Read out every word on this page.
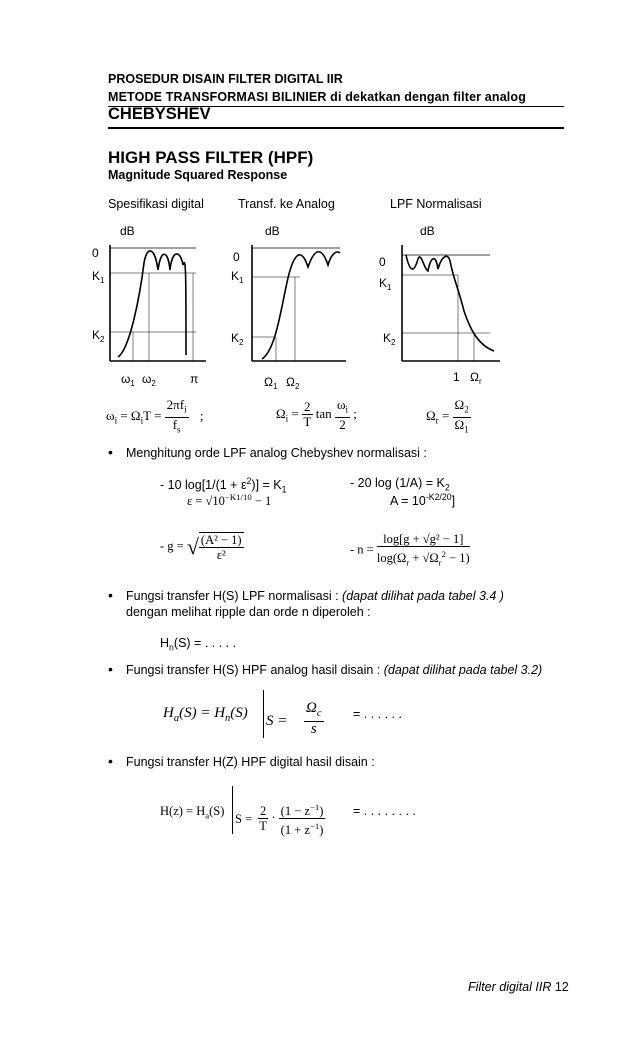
PROSEDUR DISAIN FILTER DIGITAL IIR
METODE TRANSFORMASI BILINIER di dekatkan dengan filter analog
CHEBYSHEV
HIGH PASS FILTER (HPF)
Magnitude Squared Response
Spesifikasi digital	Transf. ke Analog	LPF Normalisasi
dB
0
$K_1$
$K_2$
$\omega_1$ $\omega_2$	π
dB
0
$K_1$
$K_2$
$\Omega_1$ $\Omega_2$
dB
0
$K_1$
$K_2$
1 $\Omega_r$
$\omega_i = \Omega_iT$ =
$2\pi f_i$
$f_s$
;	$\Omega_i = \frac{2}{T}$ $\tan \frac{\omega_i}{2}$ ;	$\Omega_r = \frac{\Omega_2}{\Omega_1}$
• Menghitung orde LPF analog Chebyshev normalisasi :
- 10 $\log[1/(1 + \varepsilon^2)] = K_1$	- 20 $\log (1/A) = K_2$
$\varepsilon = √10^{-K1/10} - 1$	$A = 10^{-K2/20}$]
- g = √ $\frac{\text{(A² − 1)}}{\text{ε²}}$	- $n = \frac{\text{log[g + √g² − 1]}}{\log(\Omega_r + √\Omega_r^2 - 1)}$
• Fungsi transfer H(S) LPF normalisasi : (dapat dilihat pada tabel 3.4 )
dengan melihat ripple dan orde n diperoleh :
$H_n(S)$ = . . . . .
• Fungsi transfer H(S) HPF analog hasil disain : (dapat dilihat pada tabel 3.2)
$H_a(S) = H_n(S) S = \frac{\Omega_c}{s}$ = . . . . . .
• Fungsi transfer H(Z) HPF digital hasil disain :
$H(z) = H_a(S)$
$S = \frac{2}{T} \cdot \frac{(1 - z^{-1})}{(1 + z^{-1})}$ = . . . . . . . .
Filter digital IIR 12
